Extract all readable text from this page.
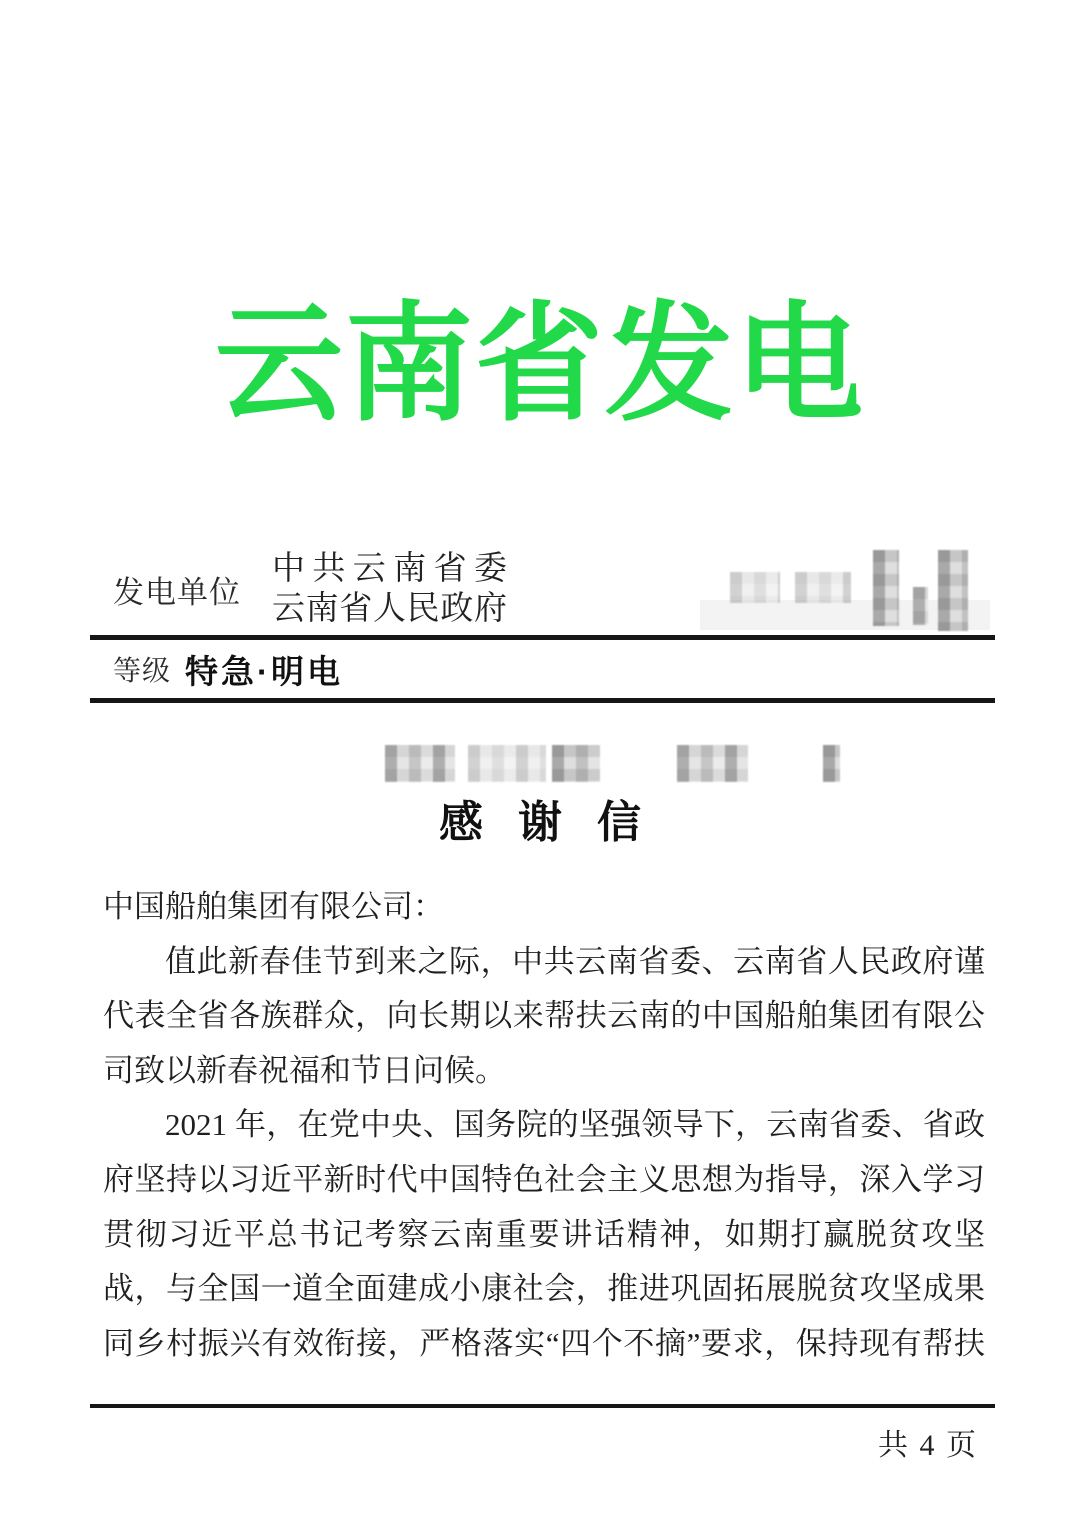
云南省发电
发电单位
中共云南省委
云南省人民政府
等级 特急·明电
感 谢 信
中国船舶集团有限公司：
值此新春佳节到来之际，中共云南省委、云南省人民政府谨
代表全省各族群众，向长期以来帮扶云南的中国船舶集团有限公
司致以新春祝福和节日问候。
2021 年，在党中央、国务院的坚强领导下，云南省委、省政
府坚持以习近平新时代中国特色社会主义思想为指导，深入学习
贯彻习近平总书记考察云南重要讲话精神，如期打赢脱贫攻坚
战，与全国一道全面建成小康社会，推进巩固拓展脱贫攻坚成果
同乡村振兴有效衔接，严格落实“四个不摘”要求，保持现有帮扶
共 4 页
